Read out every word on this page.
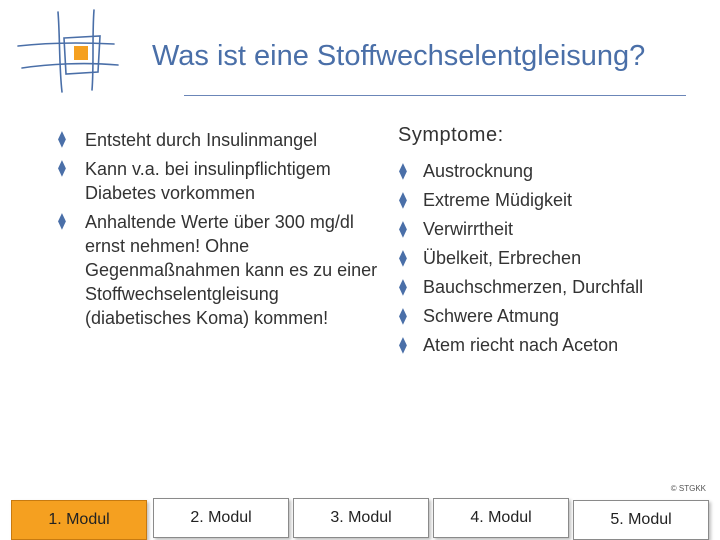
Was ist eine Stoffwechselentgleisung?
⧫ Entsteht durch Insulinmangel
⧫ Kann v.a. bei insulinpflichtigem Diabetes vorkommen
⧫ Anhaltende Werte über 300 mg/dl ernst nehmen! Ohne Gegenmaßnahmen kann es zu einer Stoffwechselentgleisung (diabetisches Koma) kommen!
Symptome:
⧫ Austrocknung
⧫ Extreme Müdigkeit
⧫ Verwirrtheit
⧫ Übelkeit, Erbrechen
⧫ Bauchschmerzen, Durchfall
⧫ Schwere Atmung
⧫ Atem riecht nach Aceton
© STGKK
1. Modul	2. Modul	3. Modul	4. Modul	5. Modul
